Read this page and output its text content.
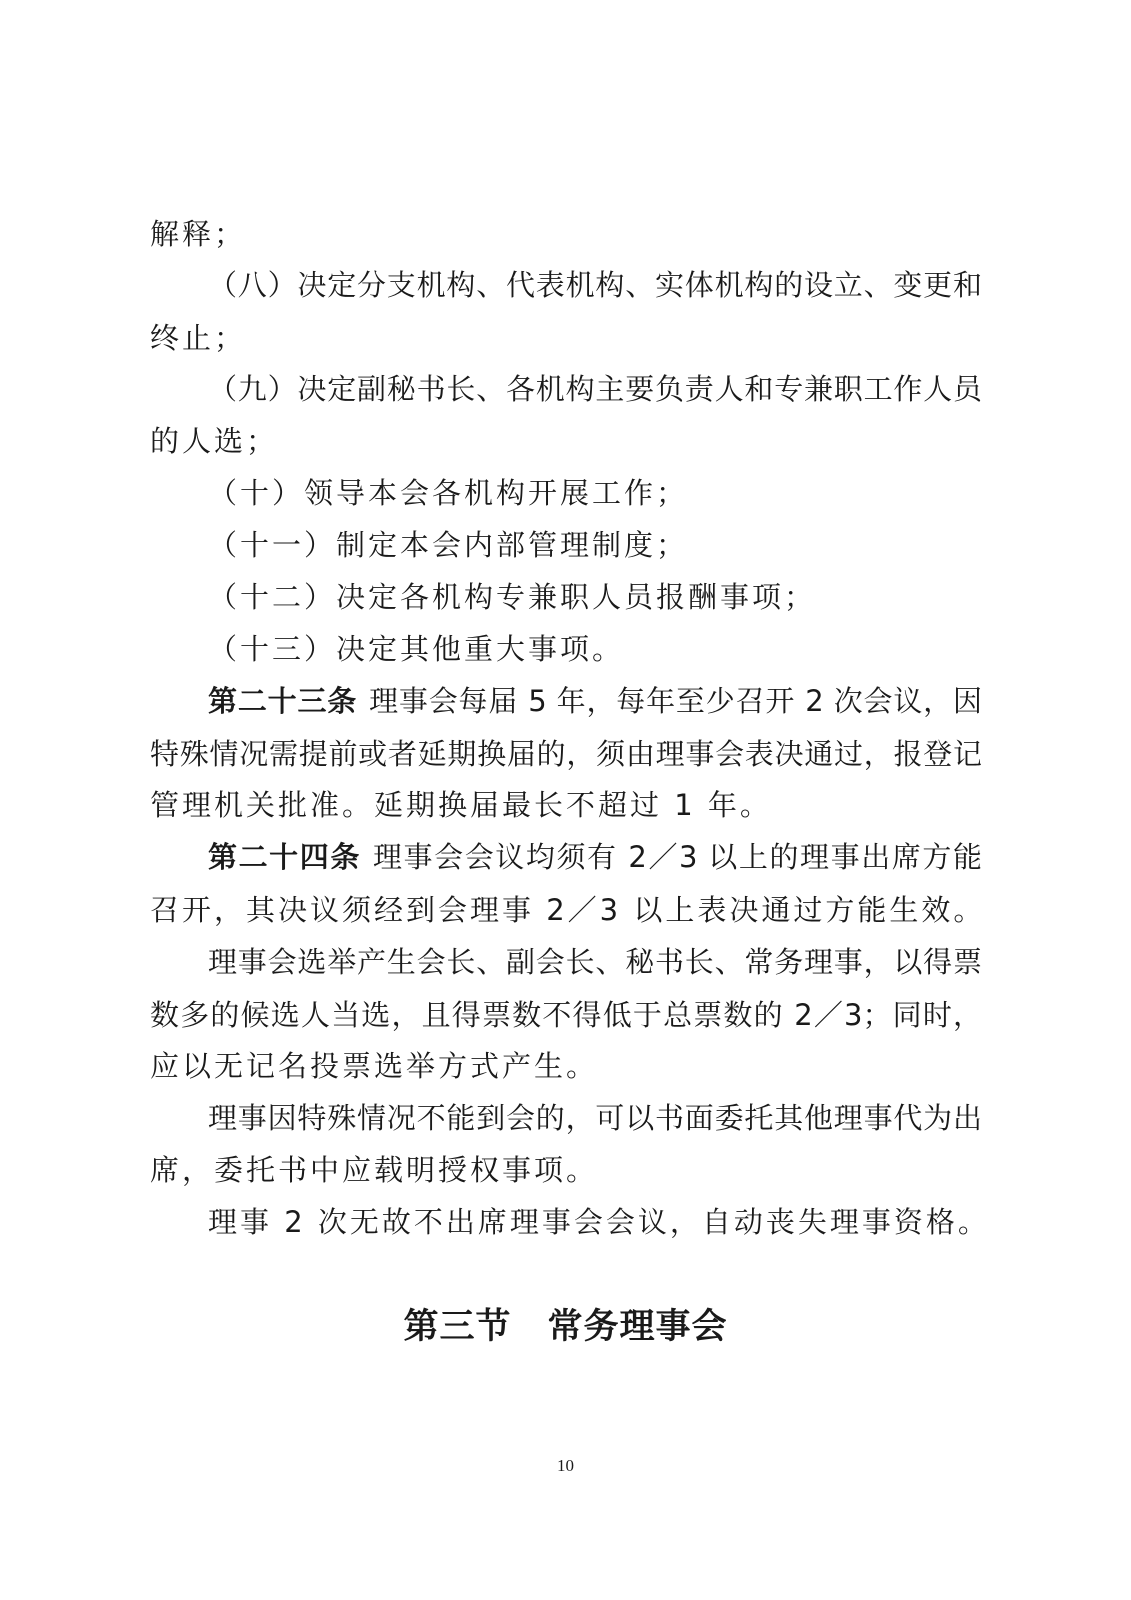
解释；
（八）决定分支机构、代表机构、实体机构的设立、变更和
终止；
（九）决定副秘书长、各机构主要负责人和专兼职工作人员
的人选；
（十）领导本会各机构开展工作；
（十一）制定本会内部管理制度；
（十二）决定各机构专兼职人员报酬事项；
（十三）决定其他重大事项。
第二十三条 理事会每届 5 年，每年至少召开 2 次会议，因
特殊情况需提前或者延期换届的，须由理事会表决通过，报登记
管理机关批准。延期换届最长不超过 1 年。
第二十四条 理事会会议均须有 2／3 以上的理事出席方能
召开，其决议须经到会理事 2／3 以上表决通过方能生效。
理事会选举产生会长、副会长、秘书长、常务理事，以得票
数多的候选人当选，且得票数不得低于总票数的 2／3；同时，
应以无记名投票选举方式产生。
理事因特殊情况不能到会的，可以书面委托其他理事代为出
席，委托书中应载明授权事项。
理事 2 次无故不出席理事会会议，自动丧失理事资格。
第三节　常务理事会
10
